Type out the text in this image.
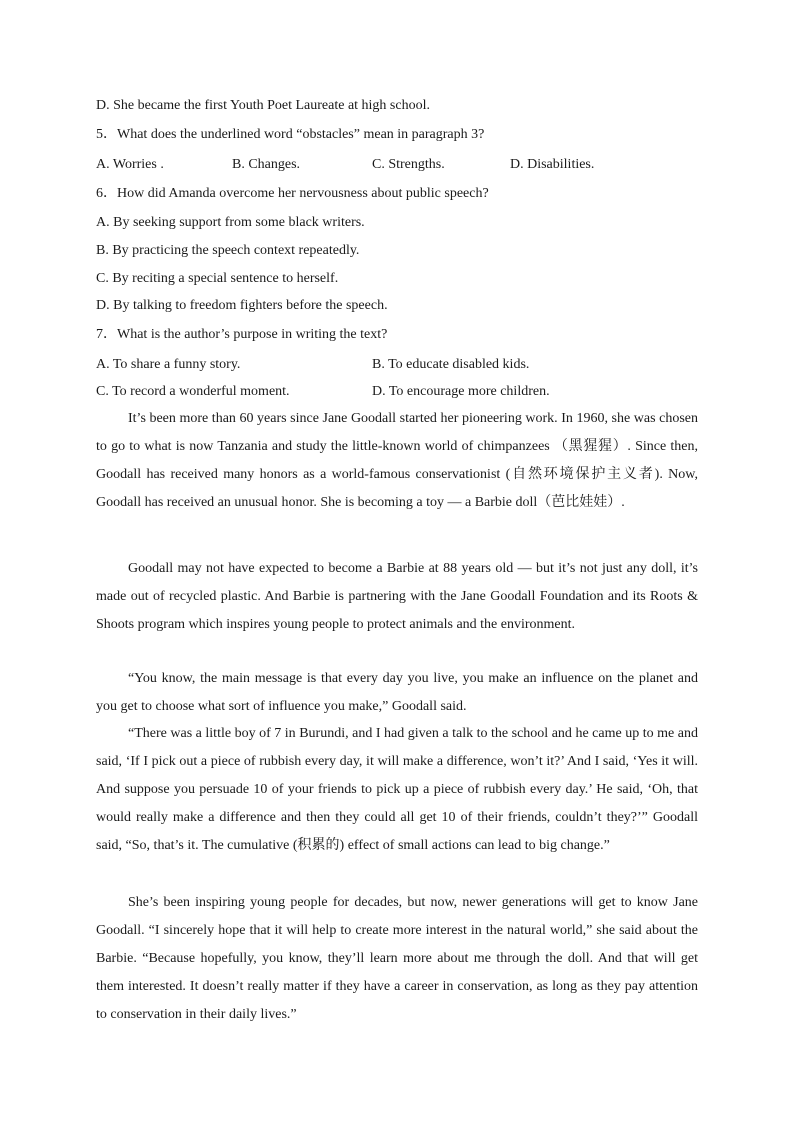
D. She became the first Youth Poet Laureate at high school.
5．What does the underlined word “obstacles” mean in paragraph 3?
A. Worries .	B. Changes.	C. Strengths.	D. Disabilities.
6．How did Amanda overcome her nervousness about public speech?
A. By seeking support from some black writers.
B. By practicing the speech context repeatedly.
C. By reciting a special sentence to herself.
D. By talking to freedom fighters before the speech.
7．What is the author’s purpose in writing the text?
A. To share a funny story.	B. To educate disabled kids.
C. To record a wonderful moment.	D. To encourage more children.

It’s been more than 60 years since Jane Goodall started her pioneering work. In 1960, she was chosen to go to what is now Tanzania and study the little-known world of chimpanzees （黑猩猩）. Since then, Goodall has received many honors as a world-famous conservationist (自然环境保护主义者). Now, Goodall has received an unusual honor. She is becoming a toy — a Barbie doll（芭比娃娃）.

Goodall may not have expected to become a Barbie at 88 years old — but it’s not just any doll, it’s made out of recycled plastic. And Barbie is partnering with the Jane Goodall Foundation and its Roots & Shoots program which inspires young people to protect animals and the environment.

“You know, the main message is that every day you live, you make an influence on the planet and you get to choose what sort of influence you make,” Goodall said.

“There was a little boy of 7 in Burundi, and I had given a talk to the school and he came up to me and said, ‘If I pick out a piece of rubbish every day, it will make a difference, won’t it?’ And I said, ‘Yes it will. And suppose you persuade 10 of your friends to pick up a piece of rubbish every day.’ He said, ‘Oh, that would really make a difference and then they could all get 10 of their friends, couldn’t they?’” Goodall said, “So, that’s it. The cumulative (积累的) effect of small actions can lead to big change.”

She’s been inspiring young people for decades, but now, newer generations will get to know Jane Goodall. “I sincerely hope that it will help to create more interest in the natural world,” she said about the Barbie. “Because hopefully, you know, they’ll learn more about me through the doll. And that will get them interested. It doesn’t really matter if they have a career in conservation, as long as they pay attention to conservation in their daily lives.”
